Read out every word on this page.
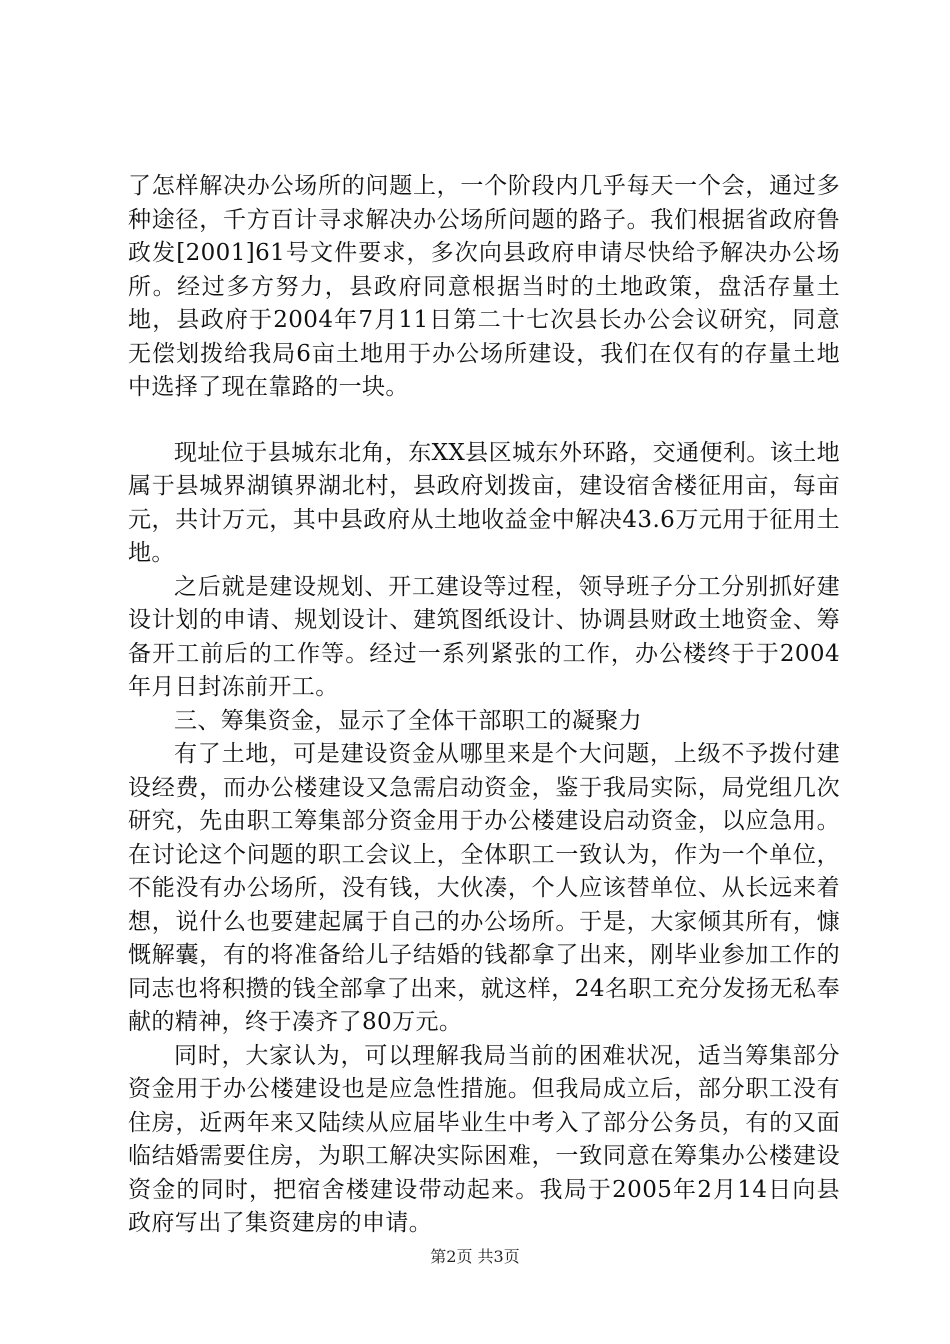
了怎样解决办公场所的问题上，一个阶段内几乎每天一个会，通过多种途径，千方百计寻求解决办公场所问题的路子。我们根据省政府鲁政发[2001]61号文件要求，多次向县政府申请尽快给予解决办公场所。经过多方努力，县政府同意根据当时的土地政策，盘活存量土地，县政府于2004年7月11日第二十七次县长办公会议研究，同意无偿划拨给我局6亩土地用于办公场所建设，我们在仅有的存量土地中选择了现在靠路的一块。

现址位于县城东北角，东XX县区城东外环路，交通便利。该土地属于县城界湖镇界湖北村，县政府划拨亩，建设宿舍楼征用亩，每亩元，共计万元，其中县政府从土地收益金中解决43.6万元用于征用土地。

之后就是建设规划、开工建设等过程，领导班子分工分别抓好建设计划的申请、规划设计、建筑图纸设计、协调县财政土地资金、筹备开工前后的工作等。经过一系列紧张的工作，办公楼终于于2004年月日封冻前开工。

三、筹集资金，显示了全体干部职工的凝聚力

有了土地，可是建设资金从哪里来是个大问题，上级不予拨付建设经费，而办公楼建设又急需启动资金，鉴于我局实际，局党组几次研究，先由职工筹集部分资金用于办公楼建设启动资金，以应急用。在讨论这个问题的职工会议上，全体职工一致认为，作为一个单位，不能没有办公场所，没有钱，大伙凑，个人应该替单位、从长远来着想，说什么也要建起属于自己的办公场所。于是，大家倾其所有，慷慨解囊，有的将准备给儿子结婚的钱都拿了出来，刚毕业参加工作的同志也将积攒的钱全部拿了出来，就这样，24名职工充分发扬无私奉献的精神，终于凑齐了80万元。

同时，大家认为，可以理解我局当前的困难状况，适当筹集部分资金用于办公楼建设也是应急性措施。但我局成立后，部分职工没有住房，近两年来又陆续从应届毕业生中考入了部分公务员，有的又面临结婚需要住房，为职工解决实际困难，一致同意在筹集办公楼建设资金的同时，把宿舍楼建设带动起来。我局于2005年2月14日向县政府写出了集资建房的申请。

第2页 共3页
